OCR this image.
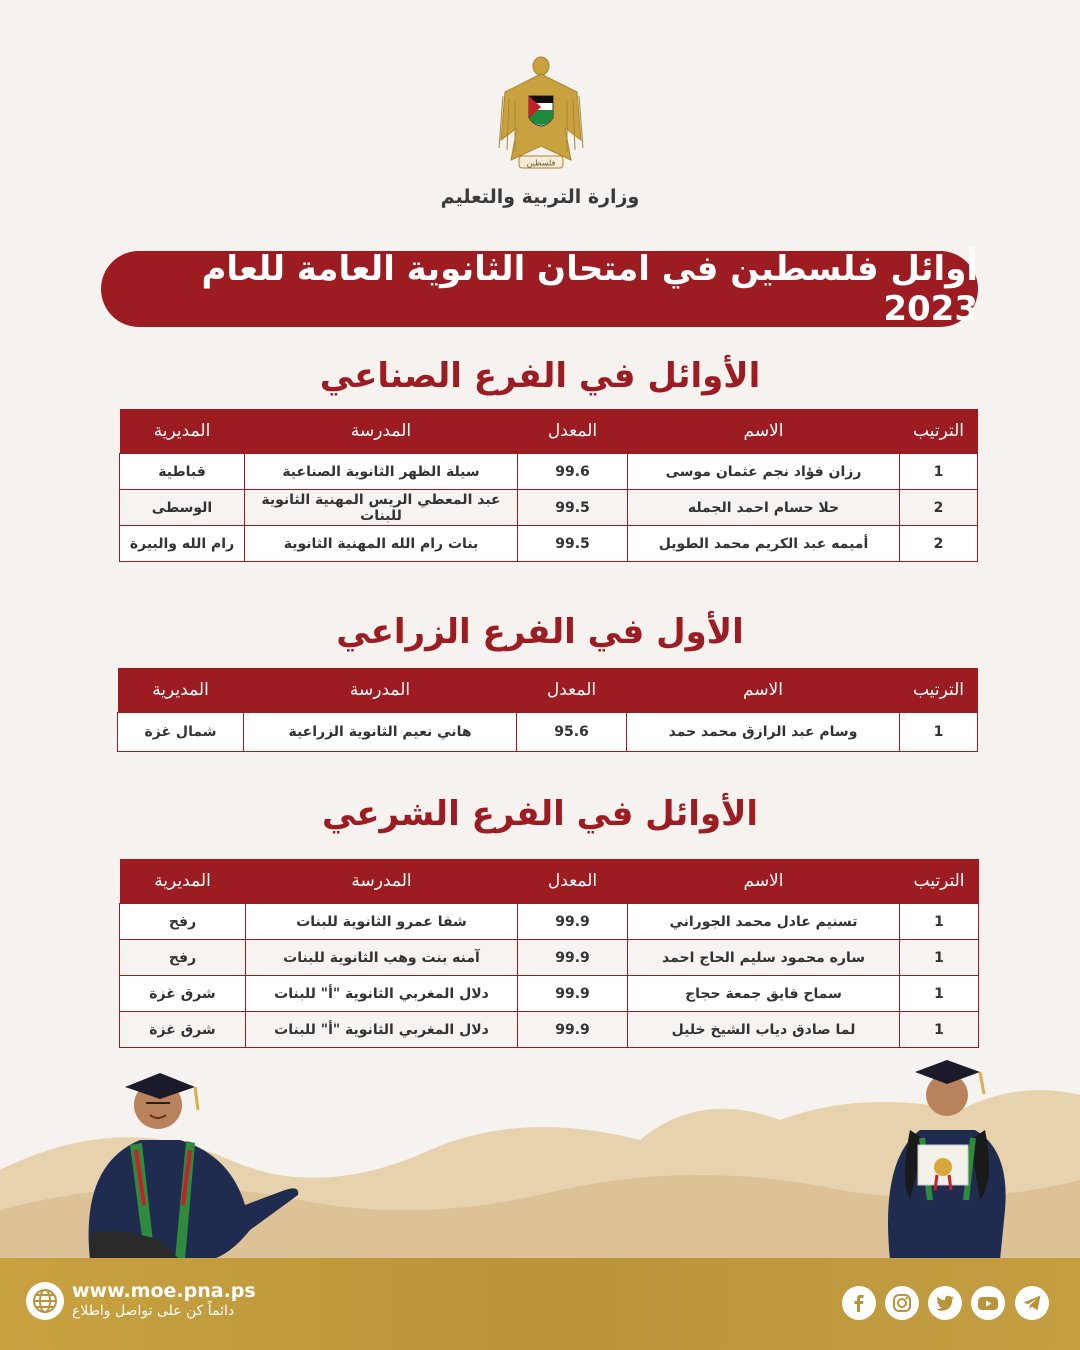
فلسطين
وزارة التربية والتعليم
أوائل فلسطين في امتحان الثانوية العامة للعام 2023
الأوائل في الفرع الصناعي
الترتيب	الاسم	المعدل	المدرسة	المديرية
1	رزان فؤاد نجم عثمان موسى	99.6	سيلة الظهر الثانوية الصناعية	قباطية
2	حلا حسام احمد الجمله	99.5	عبد المعطي الريس المهنية الثانوية للبنات	الوسطى
2	أميمه عبد الكريم محمد الطويل	99.5	بنات رام الله المهنية الثانوية	رام الله والبيرة
الأول في الفرع الزراعي
الترتيب	الاسم	المعدل	المدرسة	المديرية
1	وسام عبد الرازق محمد حمد	95.6	هاني نعيم الثانوية الزراعية	شمال غزة
الأوائل في الفرع الشرعي
الترتيب	الاسم	المعدل	المدرسة	المديرية
1	تسنيم عادل محمد الجوراني	99.9	شفا عمرو الثانوية للبنات	رفح
1	ساره محمود سليم الحاج احمد	99.9	آمنه بنت وهب الثانوية للبنات	رفح
1	سماح فايق جمعة حجاج	99.9	دلال المغربي الثانوية "أ" للبنات	شرق غزة
1	لما صادق دياب الشيخ خليل	99.9	دلال المغربي الثانوية "أ" للبنات	شرق غزة
www.moe.pna.ps
دائماً كن على تواصل واطلاع
